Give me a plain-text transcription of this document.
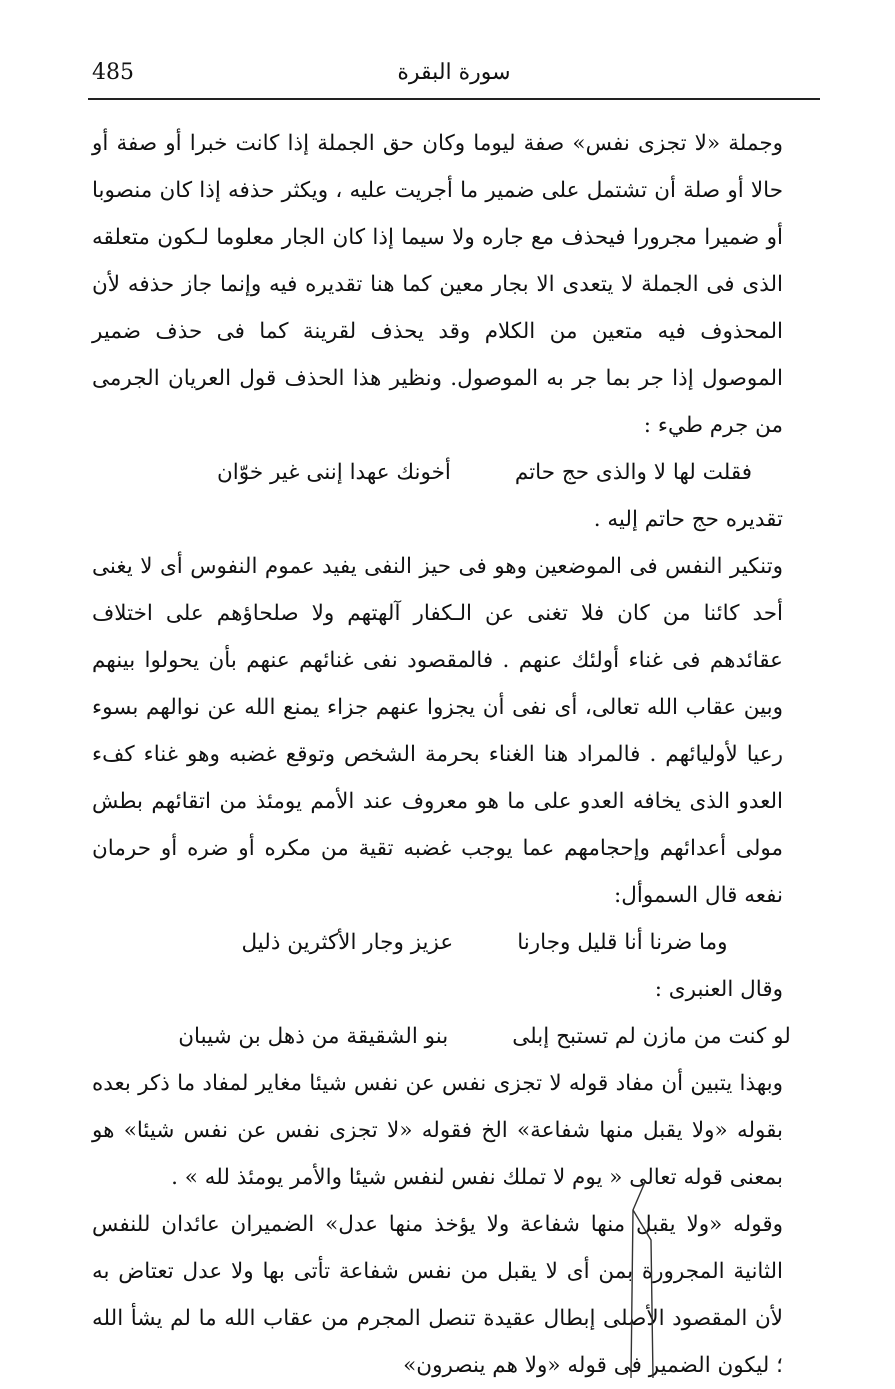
485	سورة البقرة

وجملة «لا تجزى نفس» صفة ليوما وكان حق الجملة إذا كانت خبرا أو صفة أو حالا أو صلة أن تشتمل على ضمير ما أجريت عليه ، ويكثر حذفه إذا كان منصوبا أو ضميرا مجرورا فيحذف مع جاره ولا سيما إذا كان الجار معلوما لـكون متعلقه الذى فى الجملة لا يتعدى الا بجار معين كما هنا تقديره فيه وإنما جاز حذفه لأن المحذوف فيه متعين من الكلام وقد يحذف لقرينة كما فى حذف ضمير الموصول إذا جر بما جر به الموصول. ونظير هذا الحذف قول العريان الجرمى من جرم طيء :

فقلت لها لا والذى حج حاتم
أخونك عهدا إننى غير خوّان

تقديره حج حاتم إليه .

وتنكير النفس فى الموضعين وهو فى حيز النفى يفيد عموم النفوس أى لا يغنى أحد كائنا من كان فلا تغنى عن الـكفار آلهتهم ولا صلحاؤهم على اختلاف عقائدهم فى غناء أولئك عنهم . فالمقصود نفى غنائهم عنهم بأن يحولوا بينهم وبين عقاب الله تعالى، أى نفى أن يجزوا عنهم جزاء يمنع الله عن نوالهم بسوء رعيا لأوليائهم . فالمراد هنا الغناء بحرمة الشخص وتوقع غضبه وهو غناء كفء العدو الذى يخافه العدو على ما هو معروف عند الأمم يومئذ من اتقائهم بطش مولى أعدائهم وإحجامهم عما يوجب غضبه تقية من مكره أو ضره أو حرمان نفعه قال السموأل:

وما ضرنا أنا قليل وجارنا
عزيز وجار الأكثرين ذليل

وقال العنبرى :

لو كنت من مازن لم تستبح إبلى
بنو الشقيقة من ذهل بن شيبان

وبهذا يتبين أن مفاد قوله لا تجزى نفس عن نفس شيئا مغاير لمفاد ما ذكر بعده بقوله «ولا يقبل منها شفاعة» الخ فقوله «لا تجزى نفس عن نفس شيئا» هو بمعنى قوله تعالى « يوم لا تملك نفس لنفس شيئا والأمر يومئذ لله » .

وقوله «ولا يقبل منها شفاعة ولا يؤخذ منها عدل» الضميران عائدان للنفس الثانية المجرورة بمن أى لا يقبل من نفس شفاعة تأتى بها ولا عدل تعتاض به لأن المقصود الأصلى إبطال عقيدة تنصل المجرم من عقاب الله ما لم يشأ الله ؛ ليكون الضمير فى قوله «ولا هم ينصرون»
